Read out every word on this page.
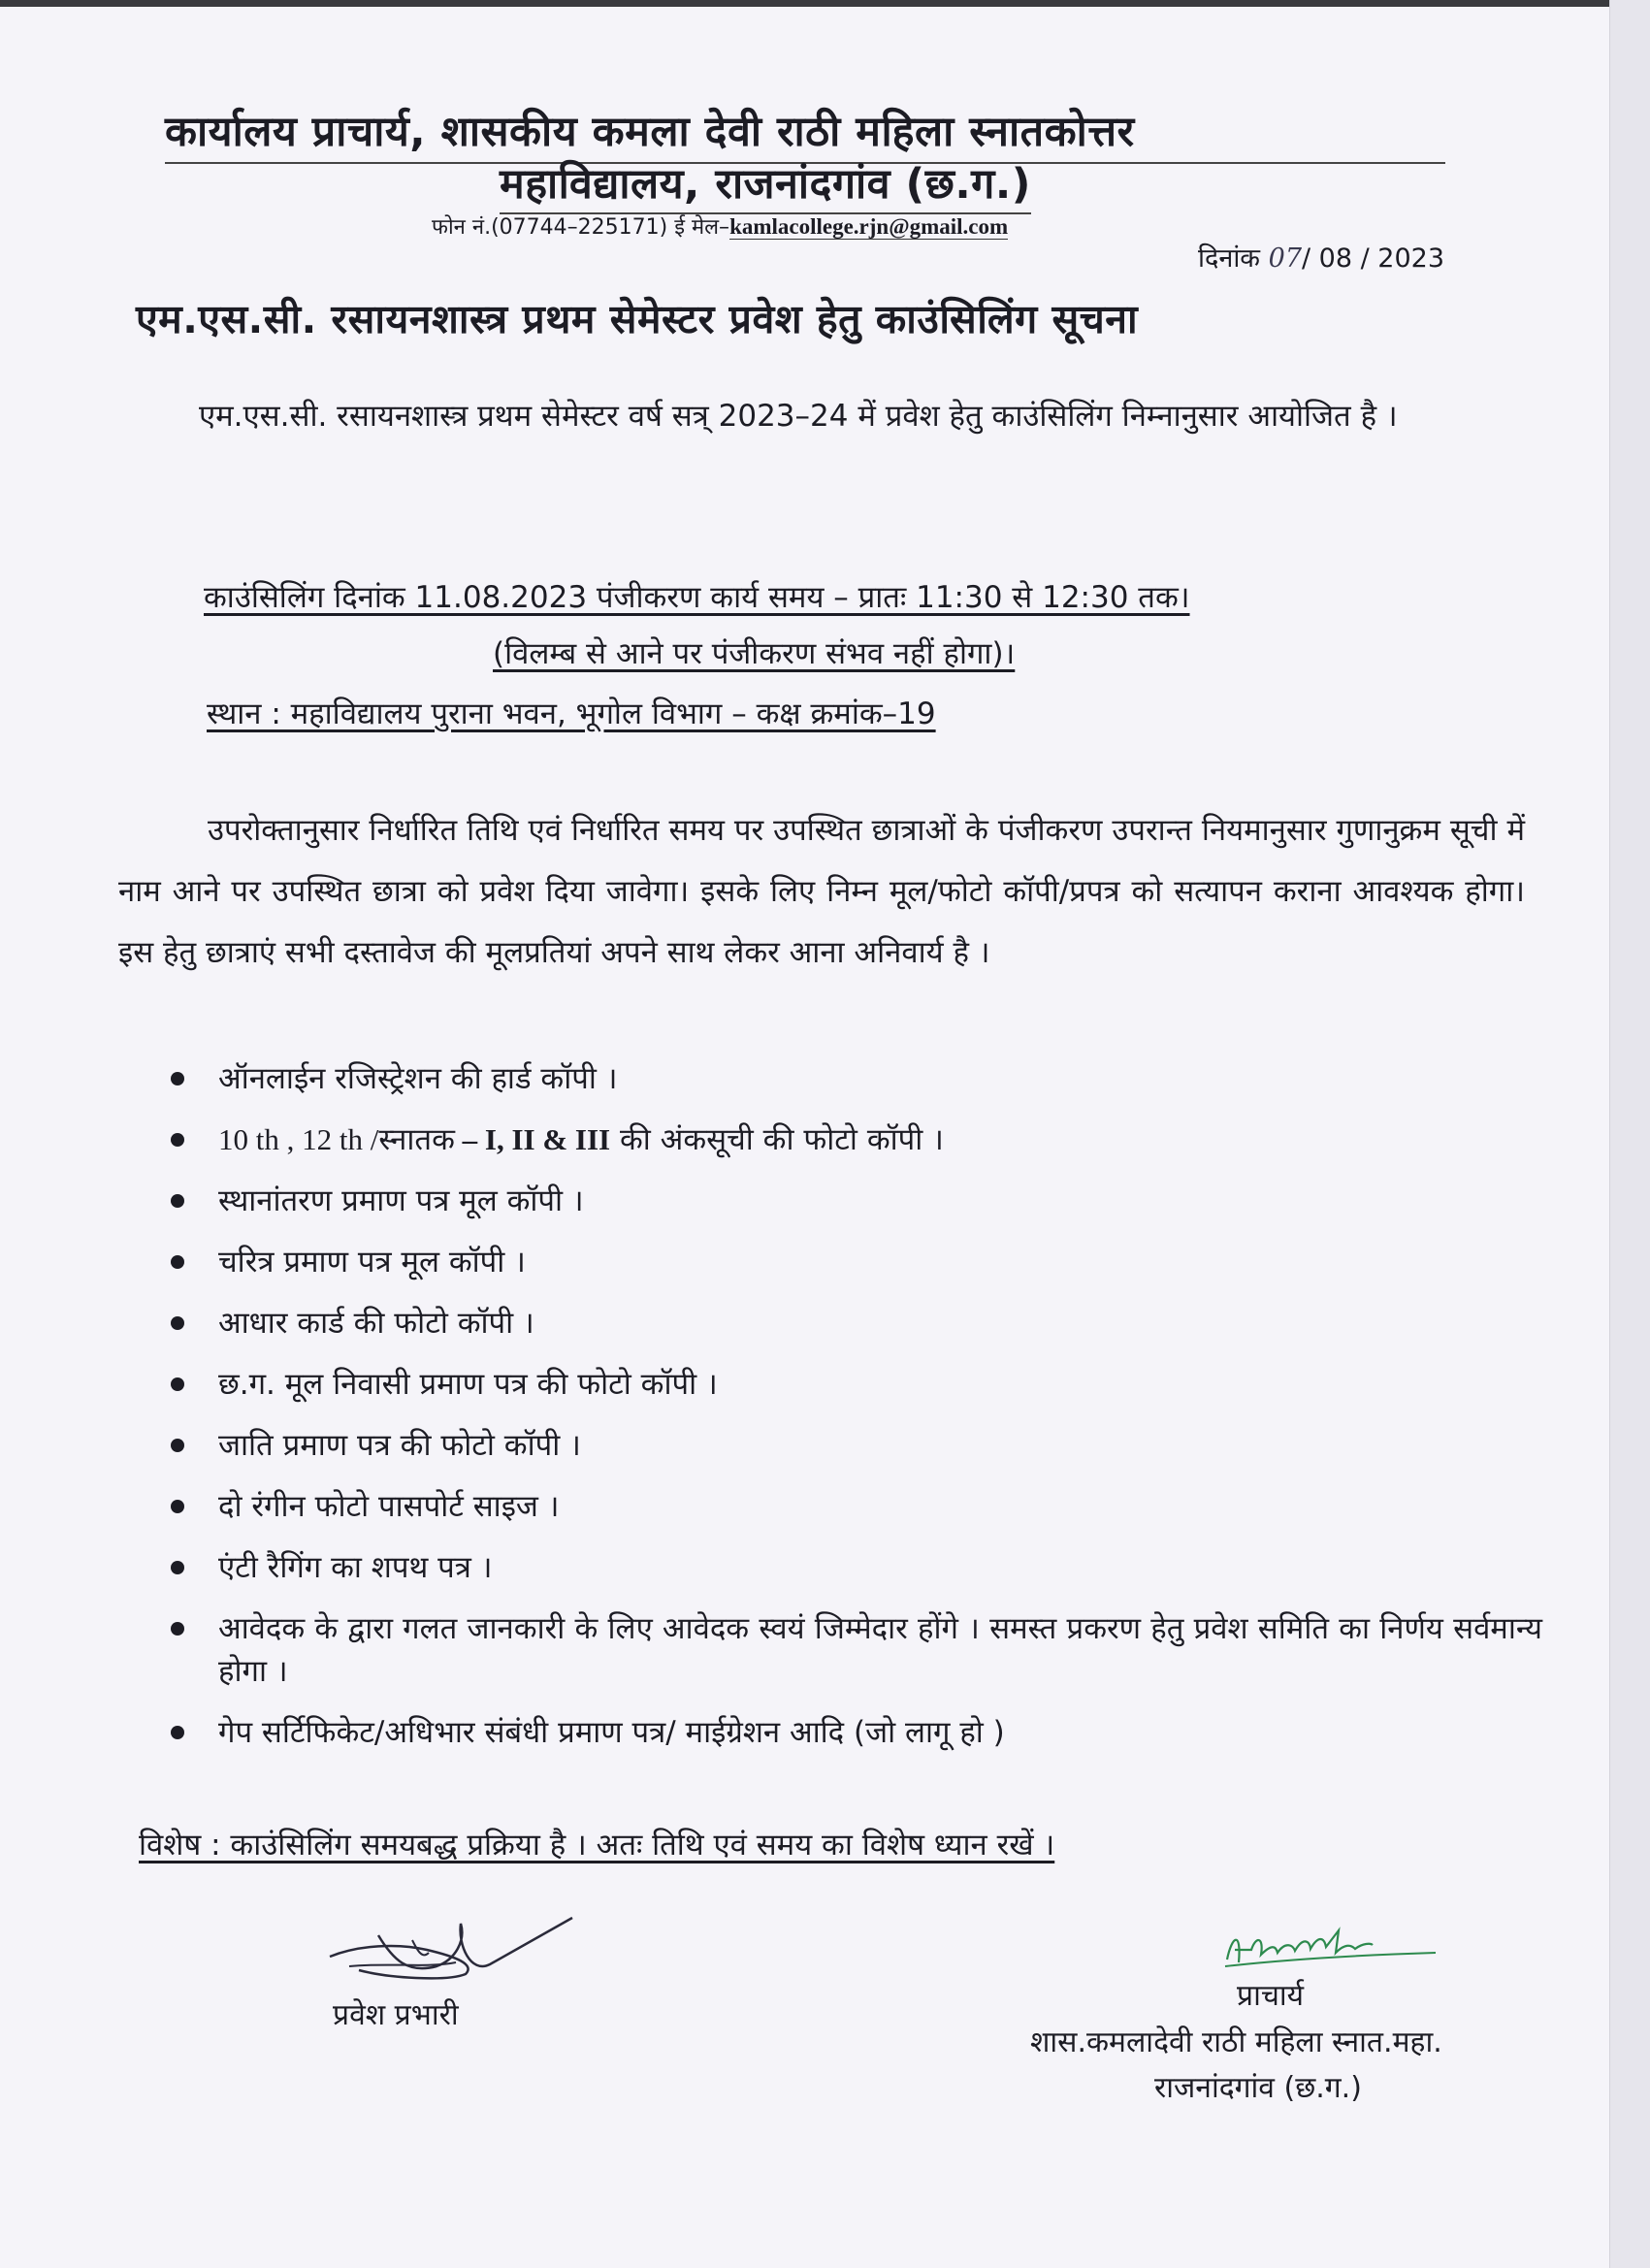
कार्यालय प्राचार्य, शासकीय कमला देवी राठी महिला स्नातकोत्तर
महाविद्यालय, राजनांदगांव (छ.ग.)
फोन नं.(07744–225171) ई मेल–kamlacollege.rjn@gmail.com
दिनांक 07/ 08 / 2023
एम.एस.सी. रसायनशास्त्र प्रथम सेमेस्टर प्रवेश हेतु काउंसिलिंग सूचना
एम.एस.सी. रसायनशास्त्र प्रथम सेमेस्टर वर्ष सत्र् 2023–24 में प्रवेश हेतु काउंसिलिंग निम्नानुसार आयोजित है ।
काउंसिलिंग दिनांक 11.08.2023 पंजीकरण कार्य समय – प्रातः 11:30 से 12:30 तक।
(विलम्ब से आने पर पंजीकरण संभव नहीं होगा)।
स्थान : महाविद्यालय पुराना भवन, भूगोल विभाग – कक्ष क्रमांक–19
उपरोक्तानुसार निर्धारित तिथि एवं निर्धारित समय पर उपस्थित छात्राओं के पंजीकरण उपरान्त नियमानुसार गुणानुक्रम सूची में नाम आने पर उपस्थित छात्रा को प्रवेश दिया जावेगा। इसके लिए निम्न मूल/फोटो कॉपी/प्रपत्र को सत्यापन कराना आवश्यक होगा। इस हेतु छात्राएं सभी दस्तावेज की मूलप्रतियां अपने साथ लेकर आना अनिवार्य है ।
ऑनलाईन रजिस्ट्रेशन की हार्ड कॉपी ।
10 th , 12 th /स्नातक – I, II & III की अंकसूची की फोटो कॉपी ।
स्थानांतरण प्रमाण पत्र मूल कॉपी ।
चरित्र प्रमाण पत्र मूल कॉपी ।
आधार कार्ड की फोटो कॉपी ।
छ.ग. मूल निवासी प्रमाण पत्र की फोटो कॉपी ।
जाति प्रमाण पत्र की फोटो कॉपी ।
दो रंगीन फोटो पासपोर्ट साइज ।
एंटी रैगिंग का शपथ पत्र ।
आवेदक के द्वारा गलत जानकारी के लिए आवेदक स्वयं जिम्मेदार होंगे । समस्त प्रकरण हेतु प्रवेश समिति का निर्णय सर्वमान्य होगा ।
गेप सर्टिफिकेट/अधिभार संबंधी प्रमाण पत्र/ माईग्रेशन आदि (जो लागू हो )
विशेष : काउंसिलिंग समयबद्ध प्रक्रिया है । अतः तिथि एवं समय का विशेष ध्यान रखें ।
प्रवेश प्रभारी
प्राचार्य
शास.कमलादेवी राठी महिला स्नात.महा.
राजनांदगांव (छ.ग.)
